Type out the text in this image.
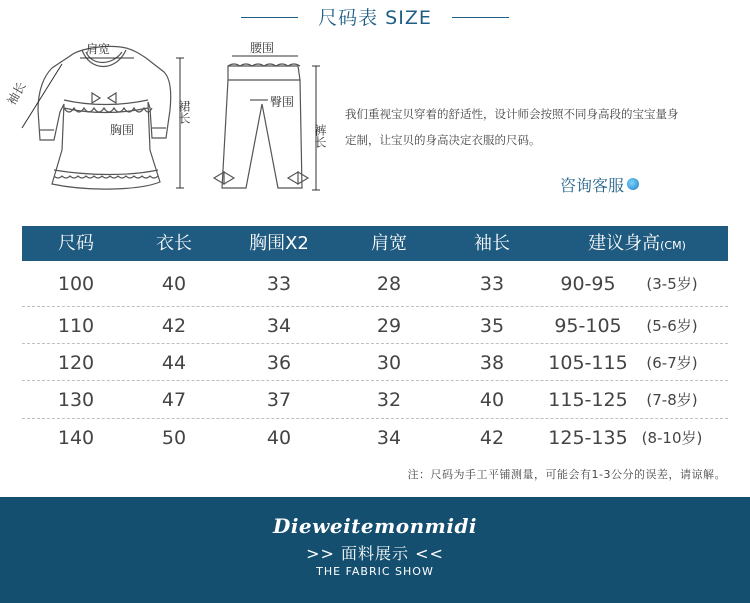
尺码表 SIZE
肩宽
裙长
胸围
袖长
腰围
臀围
裤长
我们重视宝贝穿着的舒适性，设计师会按照不同身高段的宝宝量身
定制，让宝贝的身高决定衣服的尺码。
咨询客服
尺码	衣长	胸围X2	肩宽	袖长	建议身高(CM)
100	40	33	28	33	90-95	(3-5岁)
110	42	34	29	35	95-105	(5-6岁)
120	44	36	30	38	105-115	(6-7岁)
130	47	37	32	40	115-125	(7-8岁)
140	50	40	34	42	125-135 (8-10岁)
注：尺码为手工平铺测量，可能会有1-3公分的误差，请谅解。
Dieweitemonmidi
>> 面料展示 <<
THE FABRIC SHOW
